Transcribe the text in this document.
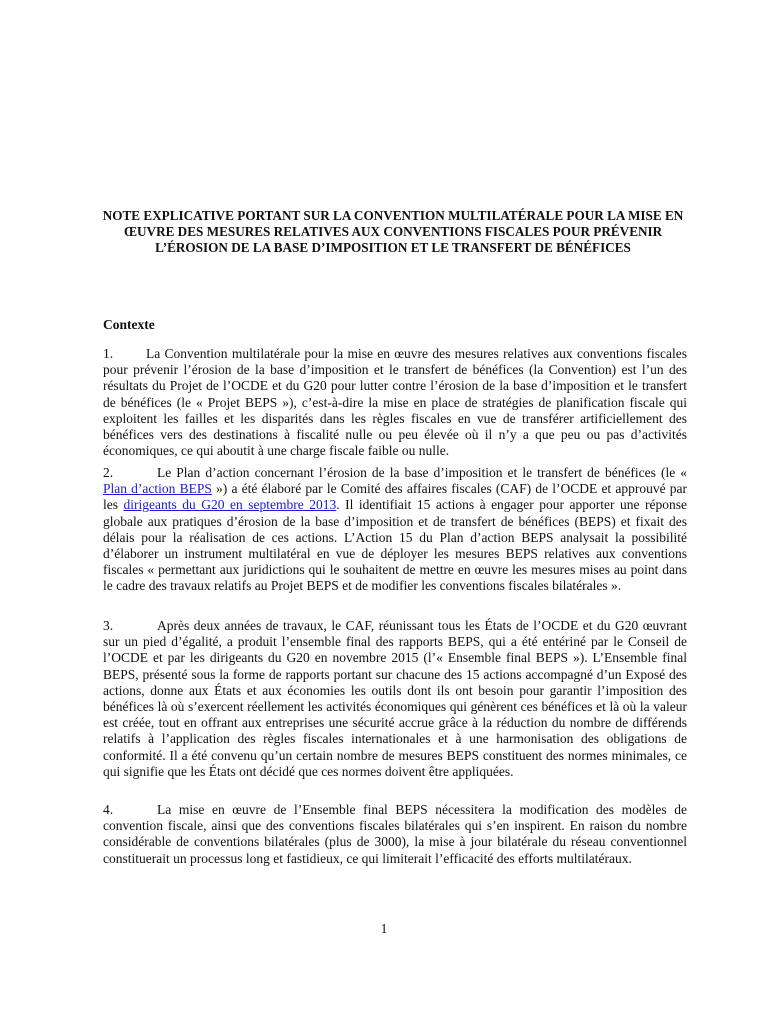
NOTE EXPLICATIVE PORTANT SUR LA CONVENTION MULTILATÉRALE POUR LA MISE EN ŒUVRE DES MESURES RELATIVES AUX CONVENTIONS FISCALES POUR PRÉVENIR L’ÉROSION DE LA BASE D’IMPOSITION ET LE TRANSFERT DE BÉNÉFICES

Contexte

1. La Convention multilatérale pour la mise en œuvre des mesures relatives aux conventions fiscales pour prévenir l’érosion de la base d’imposition et le transfert de bénéfices (la Convention) est l’un des résultats du Projet de l’OCDE et du G20 pour lutter contre l’érosion de la base d’imposition et le transfert de bénéfices (le « Projet BEPS »), c’est-à-dire la mise en place de stratégies de planification fiscale qui exploitent les failles et les disparités dans les règles fiscales en vue de transférer artificiellement des bénéfices vers des destinations à fiscalité nulle ou peu élevée où il n’y a que peu ou pas d’activités économiques, ce qui aboutit à une charge fiscale faible ou nulle.

2.	Le Plan d’action concernant l’érosion de la base d’imposition et le transfert de bénéfices (le « Plan d’action BEPS ») a été élaboré par le Comité des affaires fiscales (CAF) de l’OCDE et approuvé par les dirigeants du G20 en septembre 2013. Il identifiait 15 actions à engager pour apporter une réponse globale aux pratiques d’érosion de la base d’imposition et de transfert de bénéfices (BEPS) et fixait des délais pour la réalisation de ces actions. L’Action 15 du Plan d’action BEPS analysait la possibilité d’élaborer un instrument multilatéral en vue de déployer les mesures BEPS relatives aux conventions fiscales « permettant aux juridictions qui le souhaitent de mettre en œuvre les mesures mises au point dans le cadre des travaux relatifs au Projet BEPS et de modifier les conventions fiscales bilatérales ».

3.	Après deux années de travaux, le CAF, réunissant tous les États de l’OCDE et du G20 œuvrant sur un pied d’égalité, a produit l’ensemble final des rapports BEPS, qui a été entériné par le Conseil de l’OCDE et par les dirigeants du G20 en novembre 2015 (l’« Ensemble final BEPS »). L’Ensemble final BEPS, présenté sous la forme de rapports portant sur chacune des 15 actions accompagné d’un Exposé des actions, donne aux États et aux économies les outils dont ils ont besoin pour garantir l’imposition des bénéfices là où s’exercent réellement les activités économiques qui génèrent ces bénéfices et là où la valeur est créée, tout en offrant aux entreprises une sécurité accrue grâce à la réduction du nombre de différends relatifs à l’application des règles fiscales internationales et à une harmonisation des obligations de conformité. Il a été convenu qu’un certain nombre de mesures BEPS constituent des normes minimales, ce qui signifie que les États ont décidé que ces normes doivent être appliquées.

4.	La mise en œuvre de l’Ensemble final BEPS nécessitera la modification des modèles de convention fiscale, ainsi que des conventions fiscales bilatérales qui s’en inspirent. En raison du nombre considérable de conventions bilatérales (plus de 3000), la mise à jour bilatérale du réseau conventionnel constituerait un processus long et fastidieux, ce qui limiterait l’efficacité des efforts multilatéraux.

1
